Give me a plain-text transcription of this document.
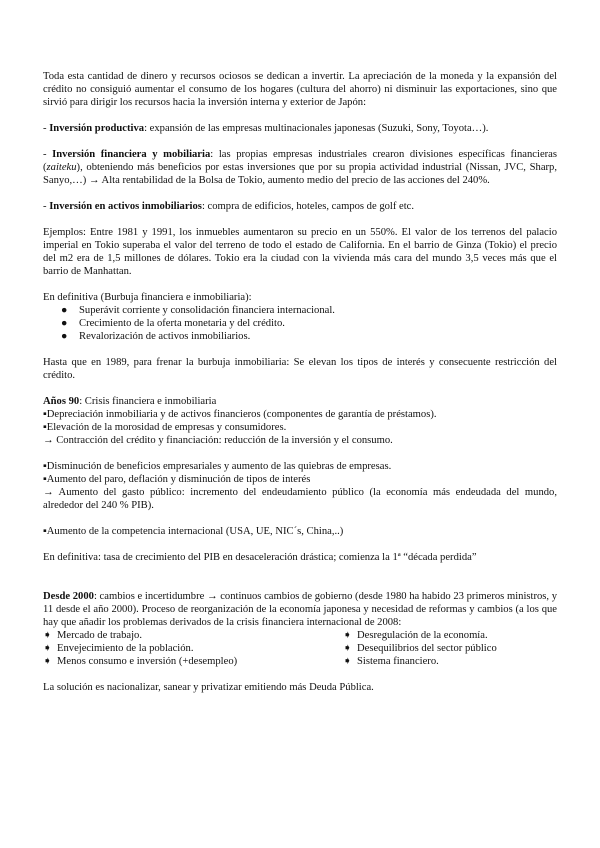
Toda esta cantidad de dinero y recursos ociosos se dedican a invertir. La apreciación de la moneda y la expansión del crédito no consiguió aumentar el consumo de los hogares (cultura del ahorro) ni disminuir las exportaciones, sino que sirvió para dirigir los recursos hacia la inversión interna y exterior de Japón:

- Inversión productiva: expansión de las empresas multinacionales japonesas (Suzuki, Sony, Toyota…).

- Inversión financiera y mobiliaria: las propias empresas industriales crearon divisiones específicas financieras (zaiteku), obteniendo más beneficios por estas inversiones que por su propia actividad industrial (Nissan, JVC, Sharp, Sanyo,…) → Alta rentabilidad de la Bolsa de Tokio, aumento medio del precio de las acciones del 240%.

- Inversión en activos inmobiliarios: compra de edificios, hoteles, campos de golf etc.

Ejemplos: Entre 1981 y 1991, los inmuebles aumentaron su precio en un 550%. El valor de los terrenos del palacio imperial en Tokio superaba el valor del terreno de todo el estado de California. En el barrio de Ginza (Tokio) el precio del m2 era de 1,5 millones de dólares. Tokio era la ciudad con la vivienda más cara del mundo 3,5 veces más que el barrio de Manhattan.

En definitiva (Burbuja financiera e inmobiliaria):

● Superávit corriente y consolidación financiera internacional.
● Crecimiento de la oferta monetaria y del crédito.
● Revalorización de activos inmobiliarios.

Hasta que en 1989, para frenar la burbuja inmobiliaria: Se elevan los tipos de interés y consecuente restricción del crédito.

Años 90: Crisis financiera e inmobiliaria

▪Depreciación inmobiliaria y de activos financieros (componentes de garantía de préstamos).
▪Elevación de la morosidad de empresas y consumidores.
→ Contracción del crédito y financiación: reducción de la inversión y el consumo.
▪Disminución de beneficios empresariales y aumento de las quiebras de empresas.
▪Aumento del paro, deflación y disminución de tipos de interés

→ Aumento del gasto público: incremento del endeudamiento público (la economía más endeudada del mundo, alrededor del 240 % PIB).

▪Aumento de la competencia internacional (USA, UE, NIC´s, China,..)

En definitiva: tasa de crecimiento del PIB en desaceleración drástica; comienza la 1ª “década perdida”

Desde 2000: cambios e incertidumbre → continuos cambios de gobierno (desde 1980 ha habido 23 primeros ministros, y 11 desde el año 2000). Proceso de reorganización de la economía japonesa y necesidad de reformas y cambios (a los que hay que añadir los problemas derivados de la crisis financiera internacional de 2008:

➧ Mercado de trabajo.
➧ Envejecimiento de la población.
➧ Menos consumo e inversión (+desempleo)
➧ Desregulación de la economía.
➧ Desequilibrios del sector público
➧ Sistema financiero.

La solución es nacionalizar, sanear y privatizar emitiendo más Deuda Pública.
